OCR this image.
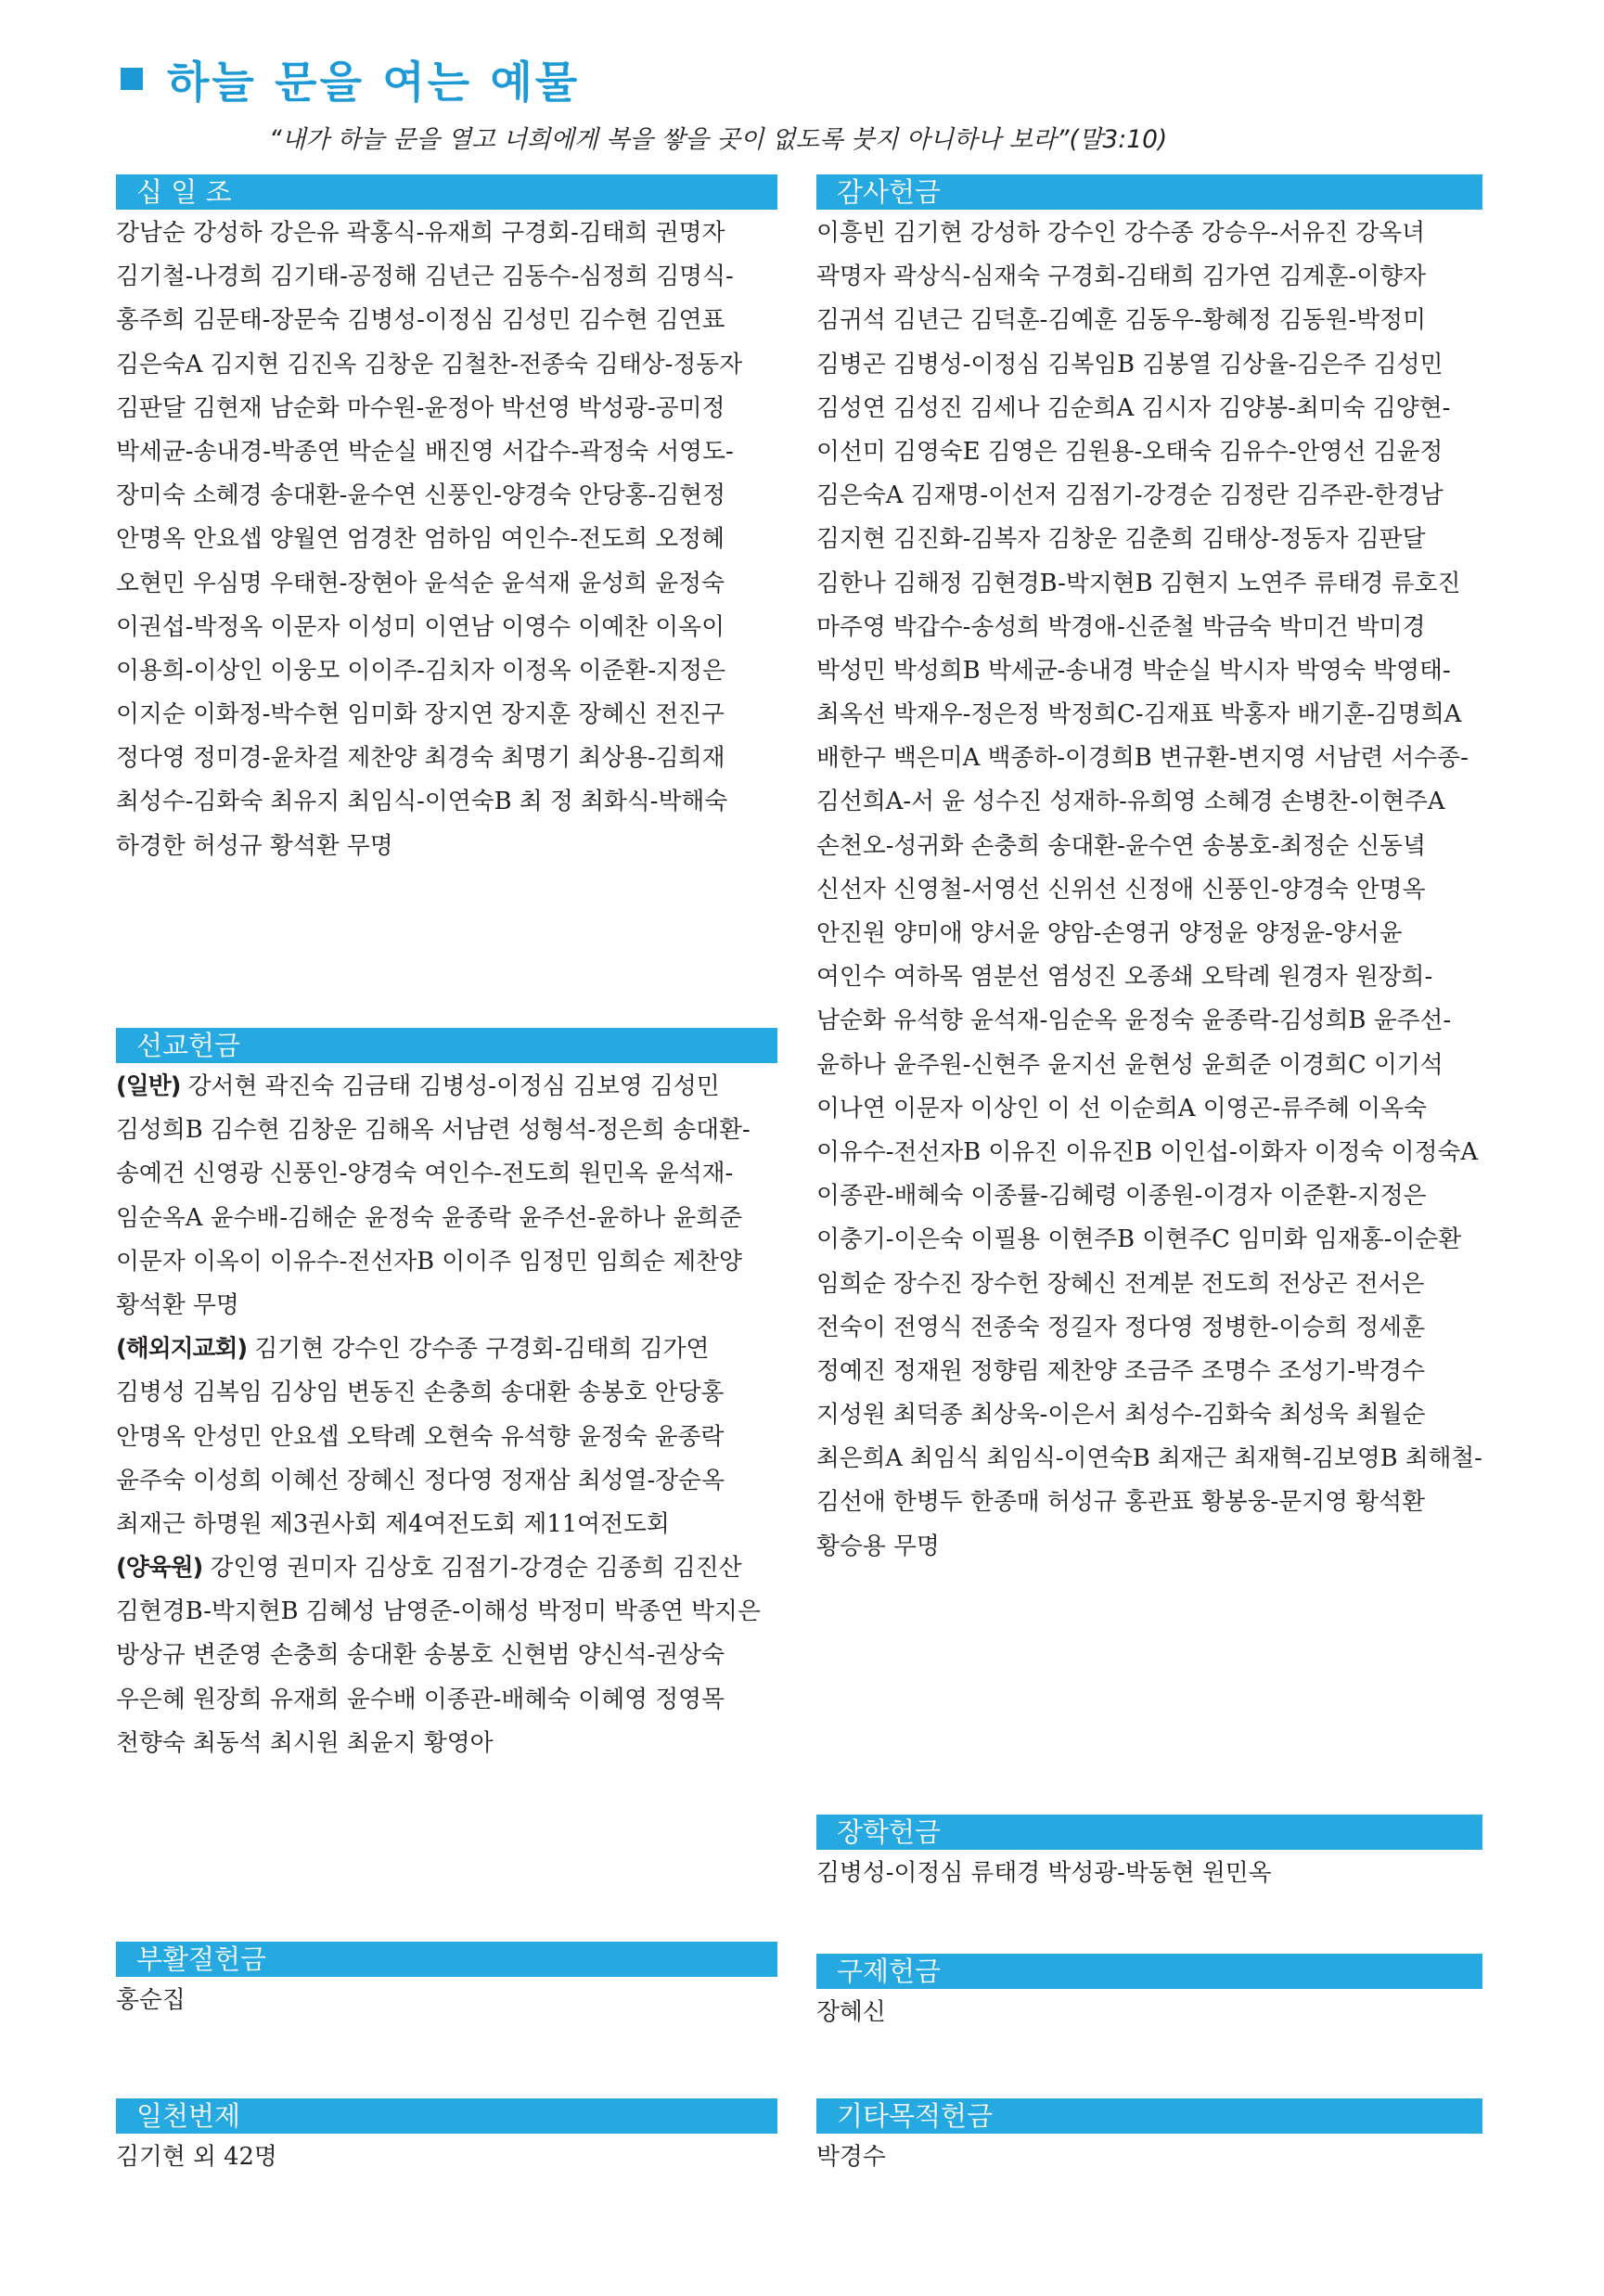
하늘 문을 여는 예물
“내가 하늘 문을 열고 너희에게 복을 쌓을 곳이 없도록 붓지 아니하나 보라”(말3:10)
십 일 조
강남순 강성하 강은유 곽홍식-유재희 구경회-김태희 권명자
김기철-나경희 김기태-공정해 김년근 김동수-심정희 김명식-
홍주희 김문태-장문숙 김병성-이정심 김성민 김수현 김연표
김은숙A 김지현 김진옥 김창운 김철찬-전종숙 김태상-정동자
김판달 김현재 남순화 마수원-윤정아 박선영 박성광-공미정
박세균-송내경-박종연 박순실 배진영 서갑수-곽정숙 서영도-
장미숙 소혜경 송대환-윤수연 신풍인-양경숙 안당홍-김현정
안명옥 안요셉 양월연 엄경찬 엄하임 여인수-전도희 오정혜
오현민 우심명 우태현-장현아 윤석순 윤석재 윤성희 윤정숙
이권섭-박정옥 이문자 이성미 이연남 이영수 이예찬 이옥이
이용희-이상인 이웅모 이이주-김치자 이정옥 이준환-지정은
이지순 이화정-박수현 임미화 장지연 장지훈 장혜신 전진구
정다영 정미경-윤차걸 제찬양 최경숙 최명기 최상용-김희재
최성수-김화숙 최유지 최임식-이연숙B 최 정 최화식-박해숙
하경한 허성규 황석환 무명
선교헌금
(일반) 강서현 곽진숙 김금태 김병성-이정심 김보영 김성민
김성희B 김수현 김창운 김해옥 서남련 성형석-정은희 송대환-
송예건 신영광 신풍인-양경숙 여인수-전도희 원민옥 윤석재-
임순옥A 윤수배-김해순 윤정숙 윤종락 윤주선-윤하나 윤희준
이문자 이옥이 이유수-전선자B 이이주 임정민 임희순 제찬양
황석환 무명
(해외지교회) 김기현 강수인 강수종 구경회-김태희 김가연
김병성 김복임 김상임 변동진 손충희 송대환 송봉호 안당홍
안명옥 안성민 안요셉 오탁례 오현숙 유석향 윤정숙 윤종락
윤주숙 이성희 이혜선 장혜신 정다영 정재삼 최성열-장순옥
최재근 하명원 제3권사회 제4여전도회 제11여전도회
(양육원) 강인영 권미자 김상호 김점기-강경순 김종희 김진산
김현경B-박지현B 김혜성 남영준-이해성 박정미 박종연 박지은
방상규 변준영 손충희 송대환 송봉호 신현범 양신석-권상숙
우은혜 원장희 유재희 윤수배 이종관-배혜숙 이혜영 정영목
천향숙 최동석 최시원 최윤지 황영아
부활절헌금
홍순집
일천번제
김기현 외 42명
감사헌금
이흥빈 김기현 강성하 강수인 강수종 강승우-서유진 강옥녀
곽명자 곽상식-심재숙 구경회-김태희 김가연 김계훈-이향자
김귀석 김년근 김덕훈-김예훈 김동우-황혜정 김동원-박정미
김병곤 김병성-이정심 김복임B 김봉열 김상율-김은주 김성민
김성연 김성진 김세나 김순희A 김시자 김양봉-최미숙 김양현-
이선미 김영숙E 김영은 김원용-오태숙 김유수-안영선 김윤정
김은숙A 김재명-이선저 김점기-강경순 김정란 김주관-한경남
김지현 김진화-김복자 김창운 김춘희 김태상-정동자 김판달
김한나 김해정 김현경B-박지현B 김현지 노연주 류태경 류호진
마주영 박갑수-송성희 박경애-신준철 박금숙 박미건 박미경
박성민 박성희B 박세균-송내경 박순실 박시자 박영숙 박영태-
최옥선 박재우-정은정 박정희C-김재표 박홍자 배기훈-김명희A
배한구 백은미A 백종하-이경희B 변규환-변지영 서남련 서수종-
김선희A-서 윤 성수진 성재하-유희영 소혜경 손병찬-이현주A
손천오-성귀화 손충희 송대환-윤수연 송봉호-최정순 신동녘
신선자 신영철-서영선 신위선 신정애 신풍인-양경숙 안명옥
안진원 양미애 양서윤 양암-손영귀 양정윤 양정윤-양서윤
여인수 여하목 염분선 염성진 오종쇄 오탁례 원경자 원장희-
남순화 유석향 윤석재-임순옥 윤정숙 윤종락-김성희B 윤주선-
윤하나 윤주원-신현주 윤지선 윤현성 윤희준 이경희C 이기석
이나연 이문자 이상인 이 선 이순희A 이영곤-류주혜 이옥숙
이유수-전선자B 이유진 이유진B 이인섭-이화자 이정숙 이정숙A
이종관-배혜숙 이종률-김혜령 이종원-이경자 이준환-지정은
이충기-이은숙 이필용 이현주B 이현주C 임미화 임재홍-이순환
임희순 장수진 장수헌 장혜신 전계분 전도희 전상곤 전서은
전숙이 전영식 전종숙 정길자 정다영 정병한-이승희 정세훈
정예진 정재원 정향림 제찬양 조금주 조명수 조성기-박경수
지성원 최덕종 최상욱-이은서 최성수-김화숙 최성욱 최월순
최은희A 최임식 최임식-이연숙B 최재근 최재혁-김보영B 최해철-
김선애 한병두 한종매 허성규 홍관표 황봉웅-문지영 황석환
황승용 무명
장학헌금
김병성-이정심 류태경 박성광-박동현 원민옥
구제헌금
장혜신
기타목적헌금
박경수
